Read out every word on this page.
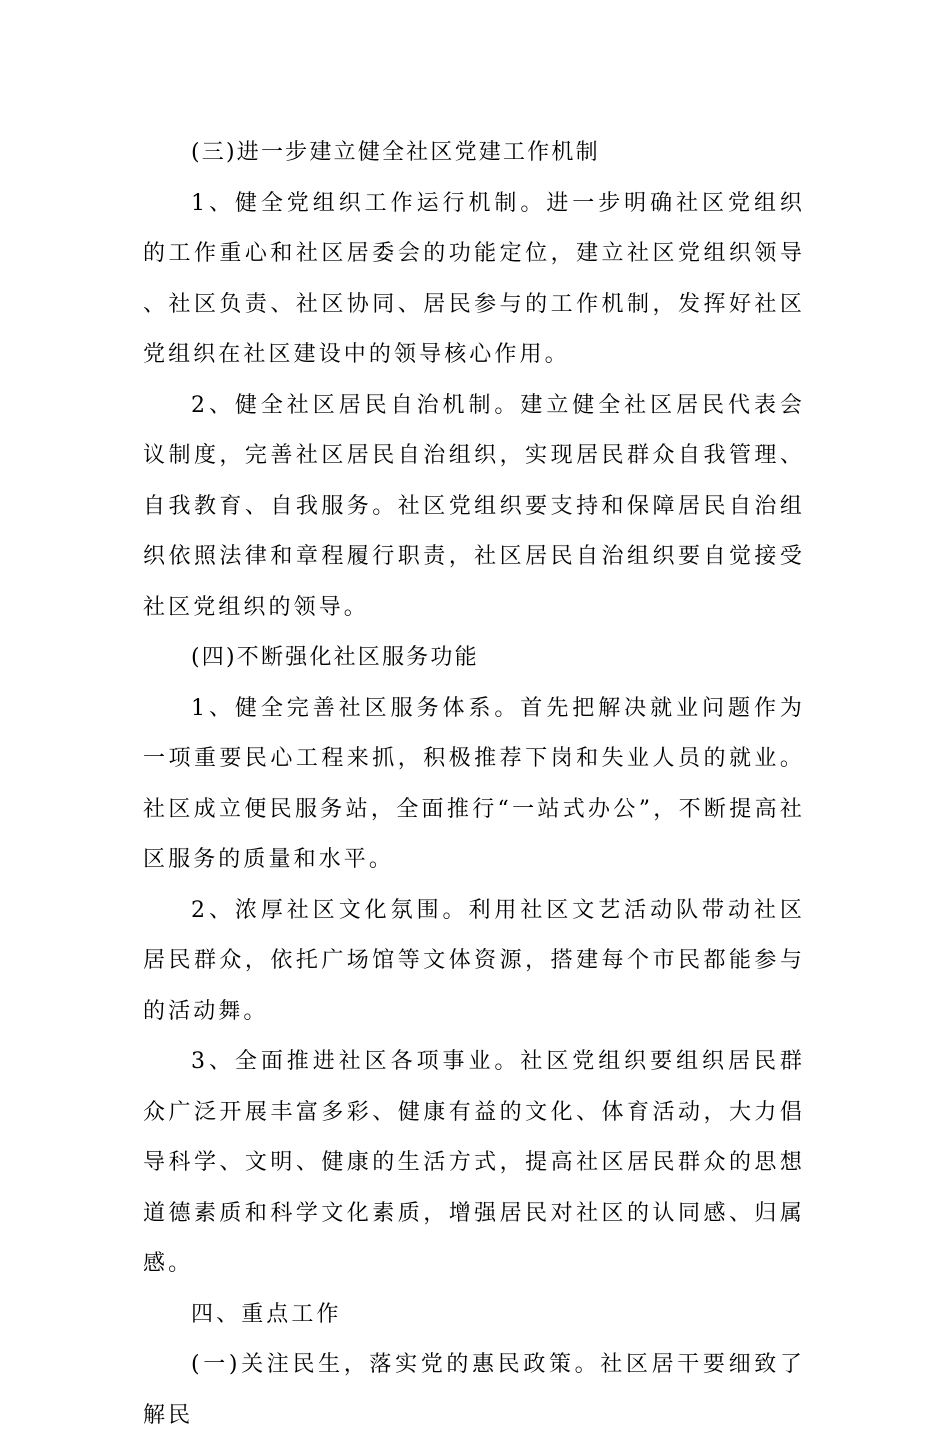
(三)进一步建立健全社区党建工作机制

1、健全党组织工作运行机制。进一步明确社区党组织的工作重心和社区居委会的功能定位，建立社区党组织领导、社区负责、社区协同、居民参与的工作机制，发挥好社区党组织在社区建设中的领导核心作用。

2、健全社区居民自治机制。建立健全社区居民代表会议制度，完善社区居民自治组织，实现居民群众自我管理、自我教育、自我服务。社区党组织要支持和保障居民自治组织依照法律和章程履行职责，社区居民自治组织要自觉接受社区党组织的领导。

(四)不断强化社区服务功能

1、健全完善社区服务体系。首先把解决就业问题作为一项重要民心工程来抓，积极推荐下岗和失业人员的就业。社区成立便民服务站，全面推行“一站式办公”，不断提高社区服务的质量和水平。

2、浓厚社区文化氛围。利用社区文艺活动队带动社区居民群众，依托广场馆等文体资源，搭建每个市民都能参与的活动舞。

3、全面推进社区各项事业。社区党组织要组织居民群众广泛开展丰富多彩、健康有益的文化、体育活动，大力倡导科学、文明、健康的生活方式，提高社区居民群众的思想道德素质和科学文化素质，增强居民对社区的认同感、归属感。

四、重点工作

(一)关注民生，落实党的惠民政策。社区居干要细致了解民
